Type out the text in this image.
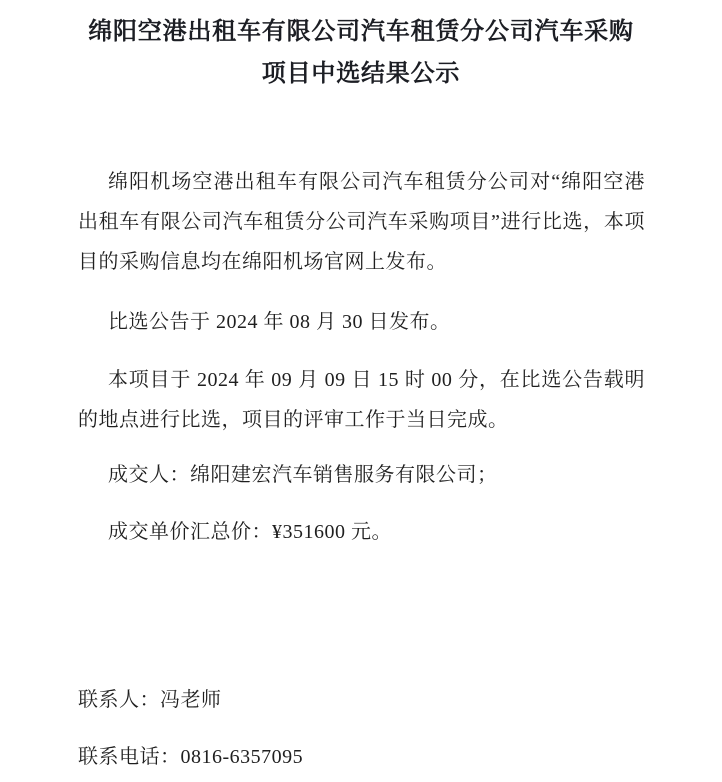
绵阳空港出租车有限公司汽车租赁分公司汽车采购
项目中选结果公示

绵阳机场空港出租车有限公司汽车租赁分公司对“绵阳空港出租车有限公司汽车租赁分公司汽车采购项目”进行比选，本项目的采购信息均在绵阳机场官网上发布。

比选公告于 2024 年 08 月 30 日发布。

本项目于 2024 年 09 月 09 日 15 时 00 分，在比选公告载明的地点进行比选，项目的评审工作于当日完成。

成交人：绵阳建宏汽车销售服务有限公司；

成交单价汇总价：¥351600 元。

联系人：冯老师

联系电话：0816-6357095
